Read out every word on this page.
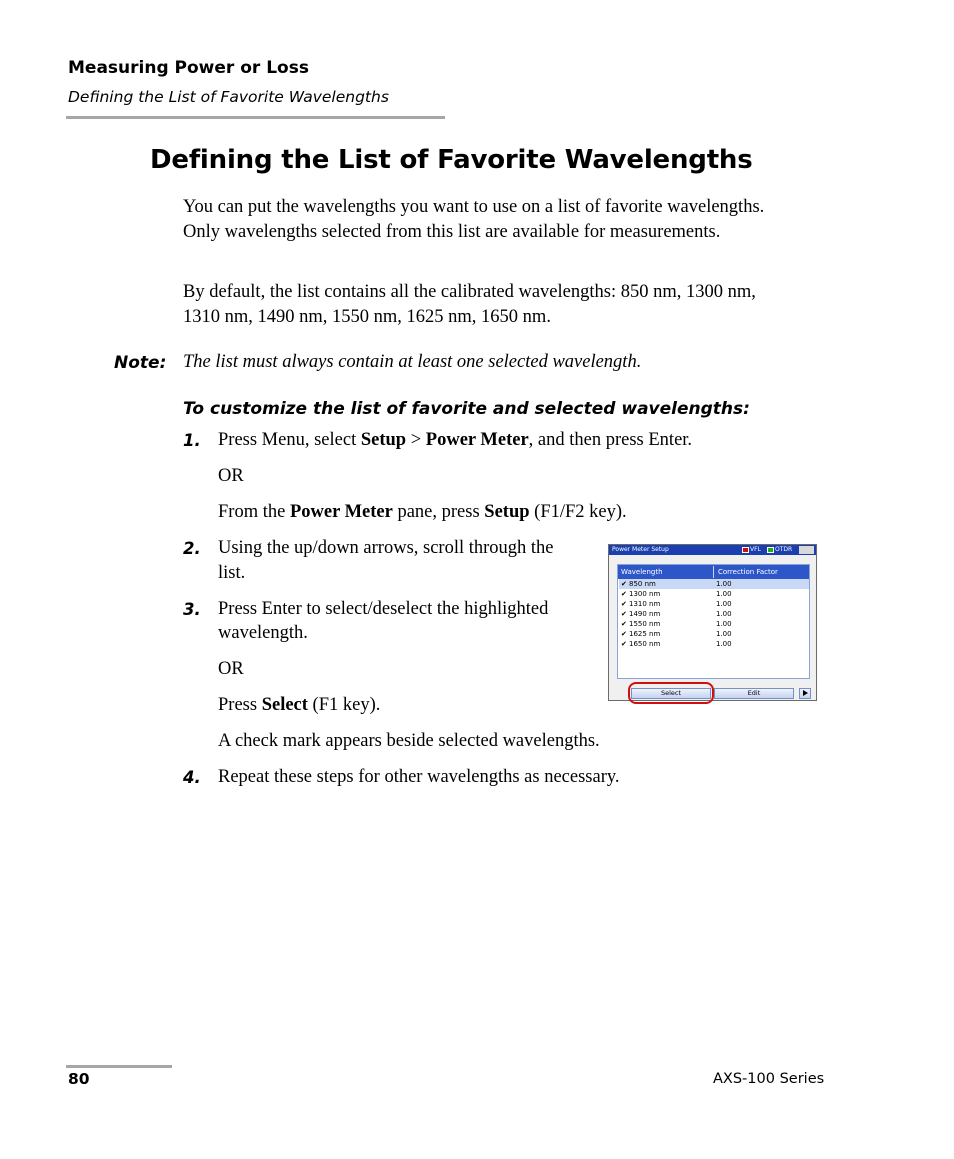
Measuring Power or Loss
Defining the List of Favorite Wavelengths
Defining the List of Favorite Wavelengths
You can put the wavelengths you want to use on a list of favorite wavelengths. Only wavelengths selected from this list are available for measurements.
By default, the list contains all the calibrated wavelengths: 850 nm, 1300 nm, 1310 nm, 1490 nm, 1550 nm, 1625 nm, 1650 nm.
Note: The list must always contain at least one selected wavelength.
To customize the list of favorite and selected wavelengths:
1. Press Menu, select Setup > Power Meter, and then press Enter.
OR
From the Power Meter pane, press Setup (F1/F2 key).
2. Using the up/down arrows, scroll through the
list.
3. Press Enter to select/deselect the highlighted
wavelength.
OR
Press Select (F1 key).
A check mark appears beside selected wavelengths.
4. Repeat these steps for other wavelengths as necessary.
Power Meter Setup	VFL OTDR
Wavelength	Correction Factor
✔ 850 nm	1.00
✔ 1300 nm	1.00
✔ 1310 nm	1.00
✔ 1490 nm	1.00
✔ 1550 nm	1.00
✔ 1625 nm	1.00
✔ 1650 nm	1.00
Select	Edit
80	AXS-100 Series
